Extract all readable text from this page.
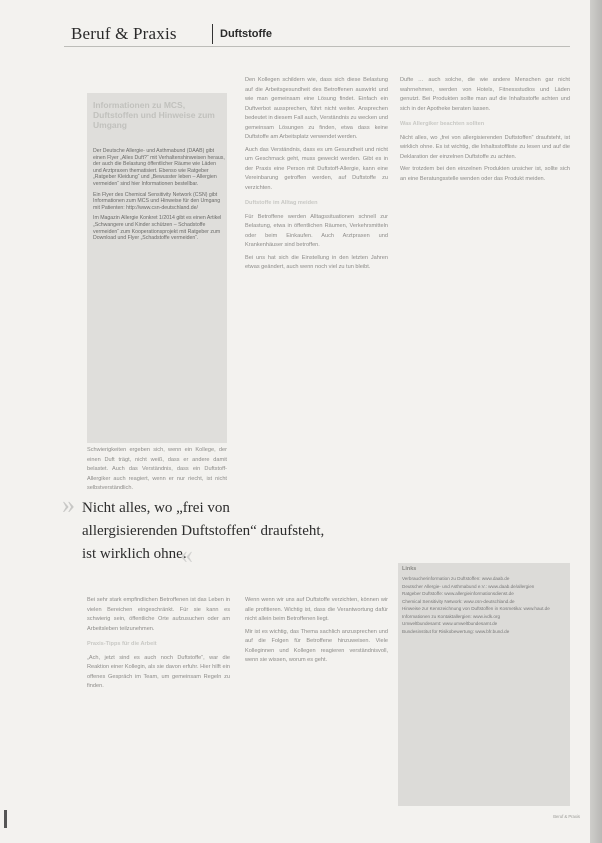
Beruf & Praxis	Duftstoffe
Informationen zu MCS, Duftstoffen und Hinweise zum Umgang

Der Deutsche Allergie- und Asthmabund (DAAB) gibt einen Flyer „Alles Duft?“ mit Verhaltenshinweisen heraus, der auch die Belastung öffentlicher Räume wie Läden und Arztpraxen thematisiert. Ebenso wie Ratgeber „Ratgeber Kleidung“ und „Bewusster leben – Allergien vermeiden“ sind hier Informationen bestellbar.

Ein Flyer des Chemical Sensitivity Network (CSN) gibt Informationen zum MCS und Hinweise für den Umgang mit Patienten: http://www.csn-deutschland.de/

Im Magazin Allergie Konkret 1/2014 gibt es einen Artikel „Schwangere und Kinder schützen – Schadstoffe vermeiden“ zum Kooperationsprojekt mit Ratgeber zum Download und Flyer „Schadstoffe vermeiden“.

Schwierigkeiten ergeben sich, wenn ein Kollege, der einen Duft trägt, nicht weiß, dass er andere damit belastet. Auch das Verständnis, dass ein Duftstoff-Allergiker auch reagiert, wenn er nur riecht, ist nicht selbstverständlich.

Den Kollegen schildern wie, dass sich diese Belastung auf die Arbeitsgesundheit des Betroffenen auswirkt und wie man gemeinsam eine Lösung findet. Einfach ein Duftverbot aussprechen, führt nicht weiter. Ansprechen bedeutet in diesem Fall auch, Verständnis zu wecken und gemeinsam Lösungen zu finden, etwa dass keine Duftstoffe am Arbeitsplatz verwendet werden.

Auch das Verständnis, dass es um Gesundheit und nicht um Geschmack geht, muss geweckt werden. Gibt es in der Praxis eine Person mit Duftstoff-Allergie, kann eine Vereinbarung getroffen werden, auf Duftstoffe zu verzichten.

Duftstoffe im Alltag meiden

Für Betroffene werden Alltagssituationen schnell zur Belastung, etwa in öffentlichen Räumen, Verkehrsmitteln oder beim Einkaufen. Auch Arztpraxen und Krankenhäuser sind betroffen.

Bei uns hat sich die Einstellung in den letzten Jahren etwas geändert, auch wenn noch viel zu tun bleibt.

Dufte … auch solche, die wie andere Menschen gar nicht wahrnehmen, werden von Hotels, Fitnessstudios und Läden genutzt. Bei Produkten sollte man auf die Inhaltsstoffe achten und sich in der Apotheke beraten lassen.

Was Allergiker beachten sollten

Nicht alles, wo „frei von allergisierenden Duftstoffen“ draufsteht, ist wirklich ohne. Es ist wichtig, die Inhaltsstoffliste zu lesen und auf die Deklaration der einzelnen Duftstoffe zu achten.

Wer trotzdem bei den einzelnen Produkten unsicher ist, sollte sich an eine Beratungsstelle wenden oder das Produkt meiden.

» Nicht alles, wo „frei von
allergisierenden Duftstoffen“ draufsteht,
ist wirklich ohne.
«

Bei sehr stark empfindlichen Betroffenen ist das Leben in vielen Bereichen eingeschränkt. Für sie kann es schwierig sein, öffentliche Orte aufzusuchen oder am Arbeitsleben teilzunehmen.

Praxis-Tipps für die Arbeit

„Ach, jetzt sind es auch noch Duftstoffe“, war die Reaktion einer Kollegin, als sie davon erfuhr. Hier hilft ein offenes Gespräch im Team, um gemeinsam Regeln zu finden.

Wenn wenn wir uns auf Duftstoffe verzichten, können wir alle profitieren. Wichtig ist, dass die Verantwortung dafür nicht allein beim Betroffenen liegt.

Mir ist es wichtig, das Thema sachlich anzusprechen und auf die Folgen für Betroffene hinzuweisen. Viele Kolleginnen und Kollegen reagieren verständnisvoll, wenn sie wissen, worum es geht.

Links

Verbraucherinformation zu Duftstoffen: www.daab.de

Deutscher Allergie- und Asthmabund e.V.: www.daab.de/allergien

Ratgeber Duftstoffe: www.allergieinformationsdienst.de

Chemical Sensitivity Network: www.csn-deutschland.de

Hinweise zur Kennzeichnung von Duftstoffen in Kosmetika: www.haut.de

Informationen zu Kontaktallergien: www.ivdk.org

Umweltbundesamt: www.umweltbundesamt.de

Bundesinstitut für Risikobewertung: www.bfr.bund.de

Beruf & Praxis
